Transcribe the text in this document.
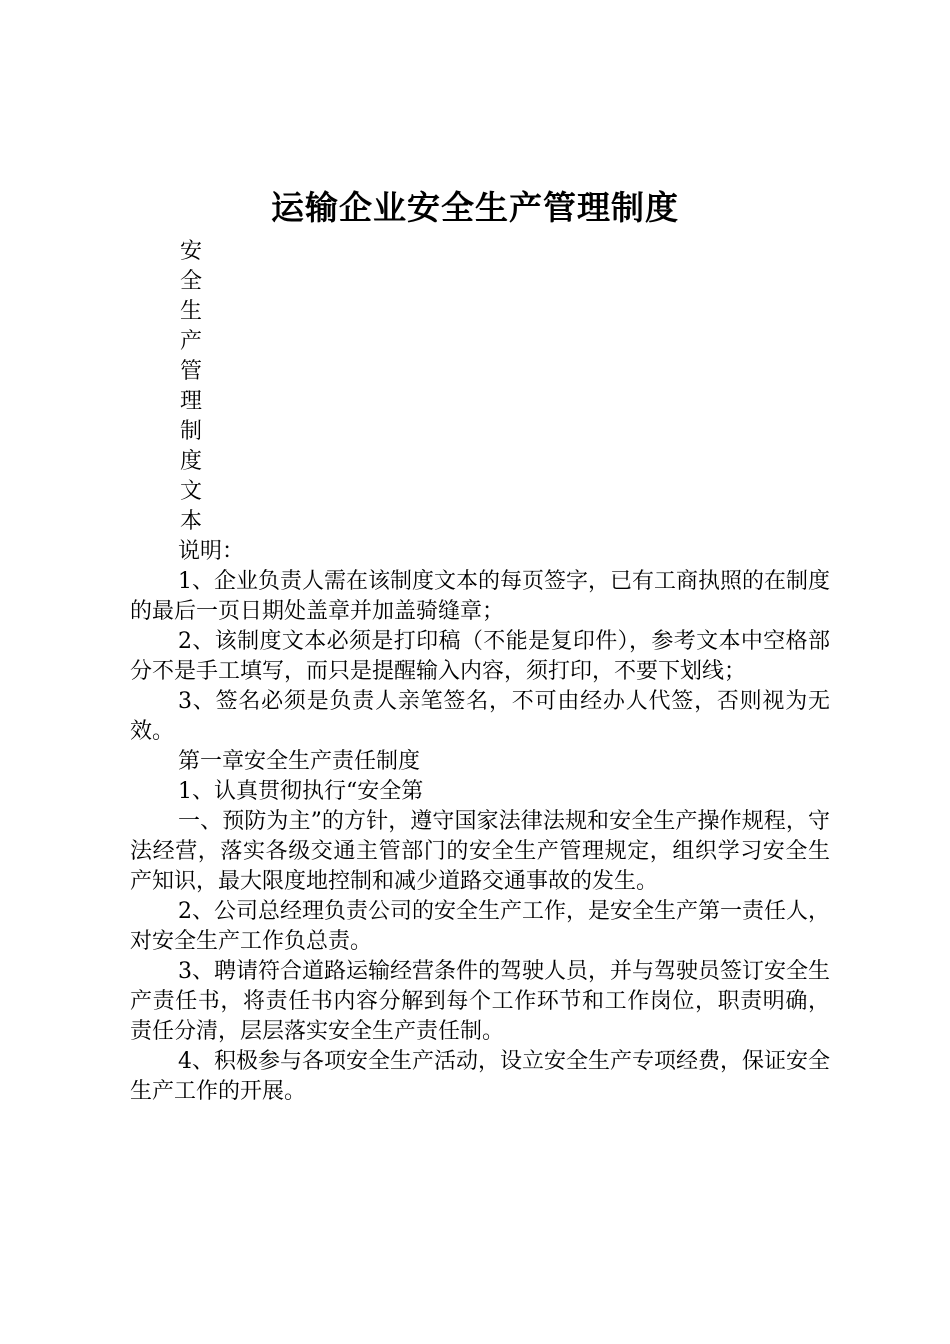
运输企业安全生产管理制度

安全生产管理制度文本

说明：

1、企业负责人需在该制度文本的每页签字，已有工商执照的在制度的最后一页日期处盖章并加盖骑缝章；

2、该制度文本必须是打印稿（不能是复印件），参考文本中空格部分不是手工填写，而只是提醒输入内容，须打印，不要下划线；

3、签名必须是负责人亲笔签名，不可由经办人代签，否则视为无效。

第一章安全生产责任制度

1、认真贯彻执行“安全第

一、预防为主”的方针，遵守国家法律法规和安全生产操作规程，守法经营，落实各级交通主管部门的安全生产管理规定，组织学习安全生产知识，最大限度地控制和减少道路交通事故的发生。

2、公司总经理负责公司的安全生产工作，是安全生产第一责任人，对安全生产工作负总责。

3、聘请符合道路运输经营条件的驾驶人员，并与驾驶员签订安全生产责任书，将责任书内容分解到每个工作环节和工作岗位，职责明确，责任分清，层层落实安全生产责任制。

4、积极参与各项安全生产活动，设立安全生产专项经费，保证安全生产工作的开展。
